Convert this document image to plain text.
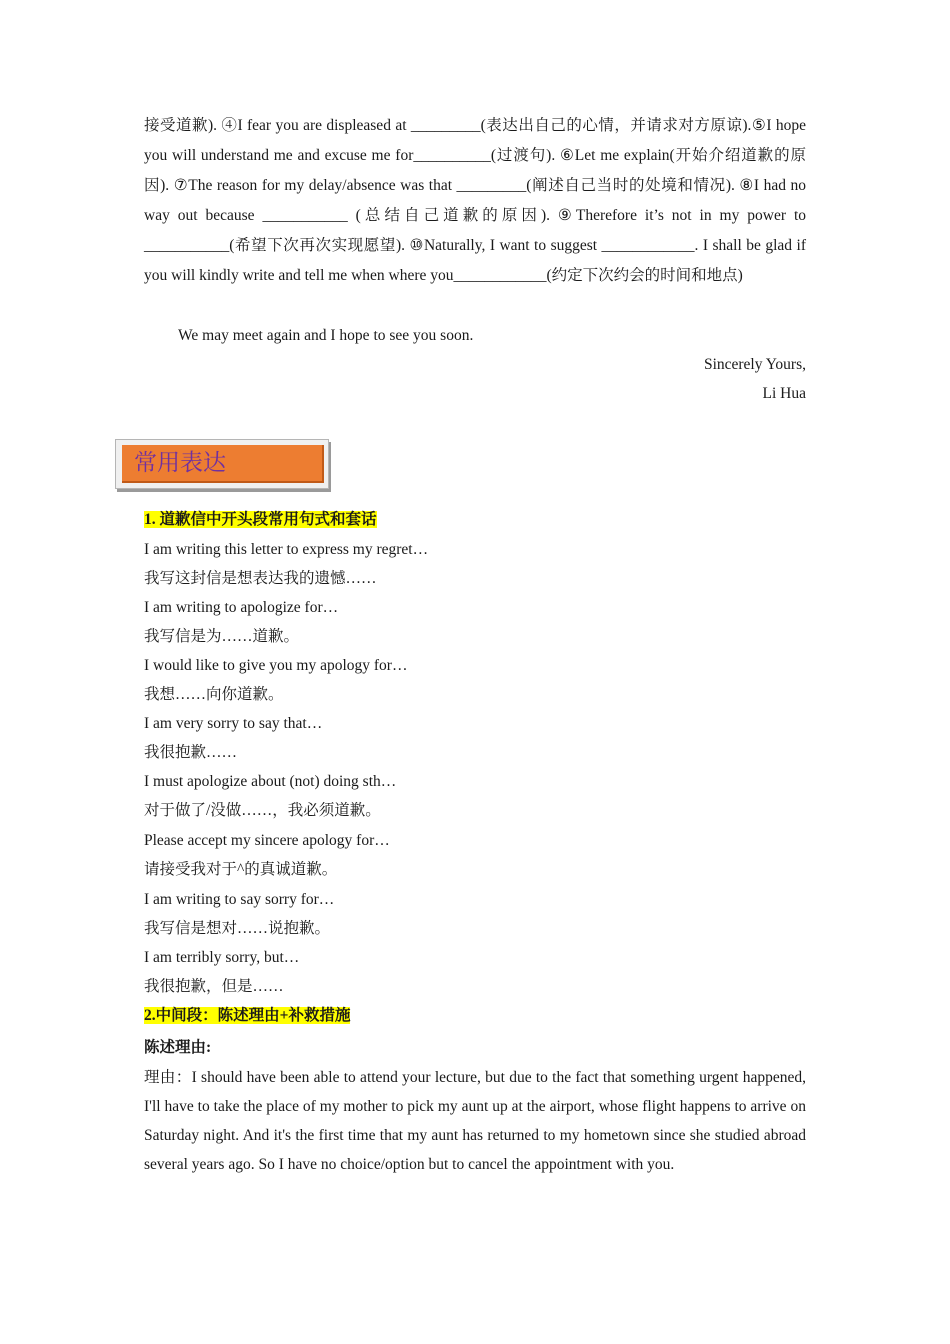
接受道歉). ④I fear you are displeased at _________(表达出自己的心情，并请求对方原谅).⑤I hope you will understand me and excuse me for__________(过渡句). ⑥Let me explain(开始介绍道歉的原因). ⑦The reason for my delay/absence was that _________(阐述自己当时的处境和情况). ⑧I had no way out because ___________ (总结自己道歉的原因). ⑨Therefore it’s not in my power to ___________(希望下次再次实现愿望). ⑩Naturally, I want to suggest ____________. I shall be glad if you will kindly write and tell me when where you____________(约定下次约会的时间和地点)

We may meet again and I hope to see you soon.

Sincerely Yours,

Li Hua

常用表达

1. 道歉信中开头段常用句式和套话

I am writing this letter to express my regret…

我写这封信是想表达我的遗憾……

I am writing to apologize for…

我写信是为……道歉。

I would like to give you my apology for…

我想……向你道歉。

I am very sorry to say that…

我很抱歉……

I must apologize about (not) doing sth…

对于做了/没做……，我必须道歉。

Please accept my sincere apology for…

请接受我对于^的真诚道歉。

I am writing to say sorry for…

我写信是想对……说抱歉。

I am terribly sorry, but…

我很抱歉，但是……

2.中间段：陈述理由+补救措施

陈述理由:

理由：I should have been able to attend your lecture, but due to the fact that something urgent happened, I'll have to take the place of my mother to pick my aunt up at the airport, whose flight happens to arrive on Saturday night. And it's the first time that my aunt has returned to my hometown since she studied abroad several years ago. So I have no choice/option but to cancel the appointment with you.
